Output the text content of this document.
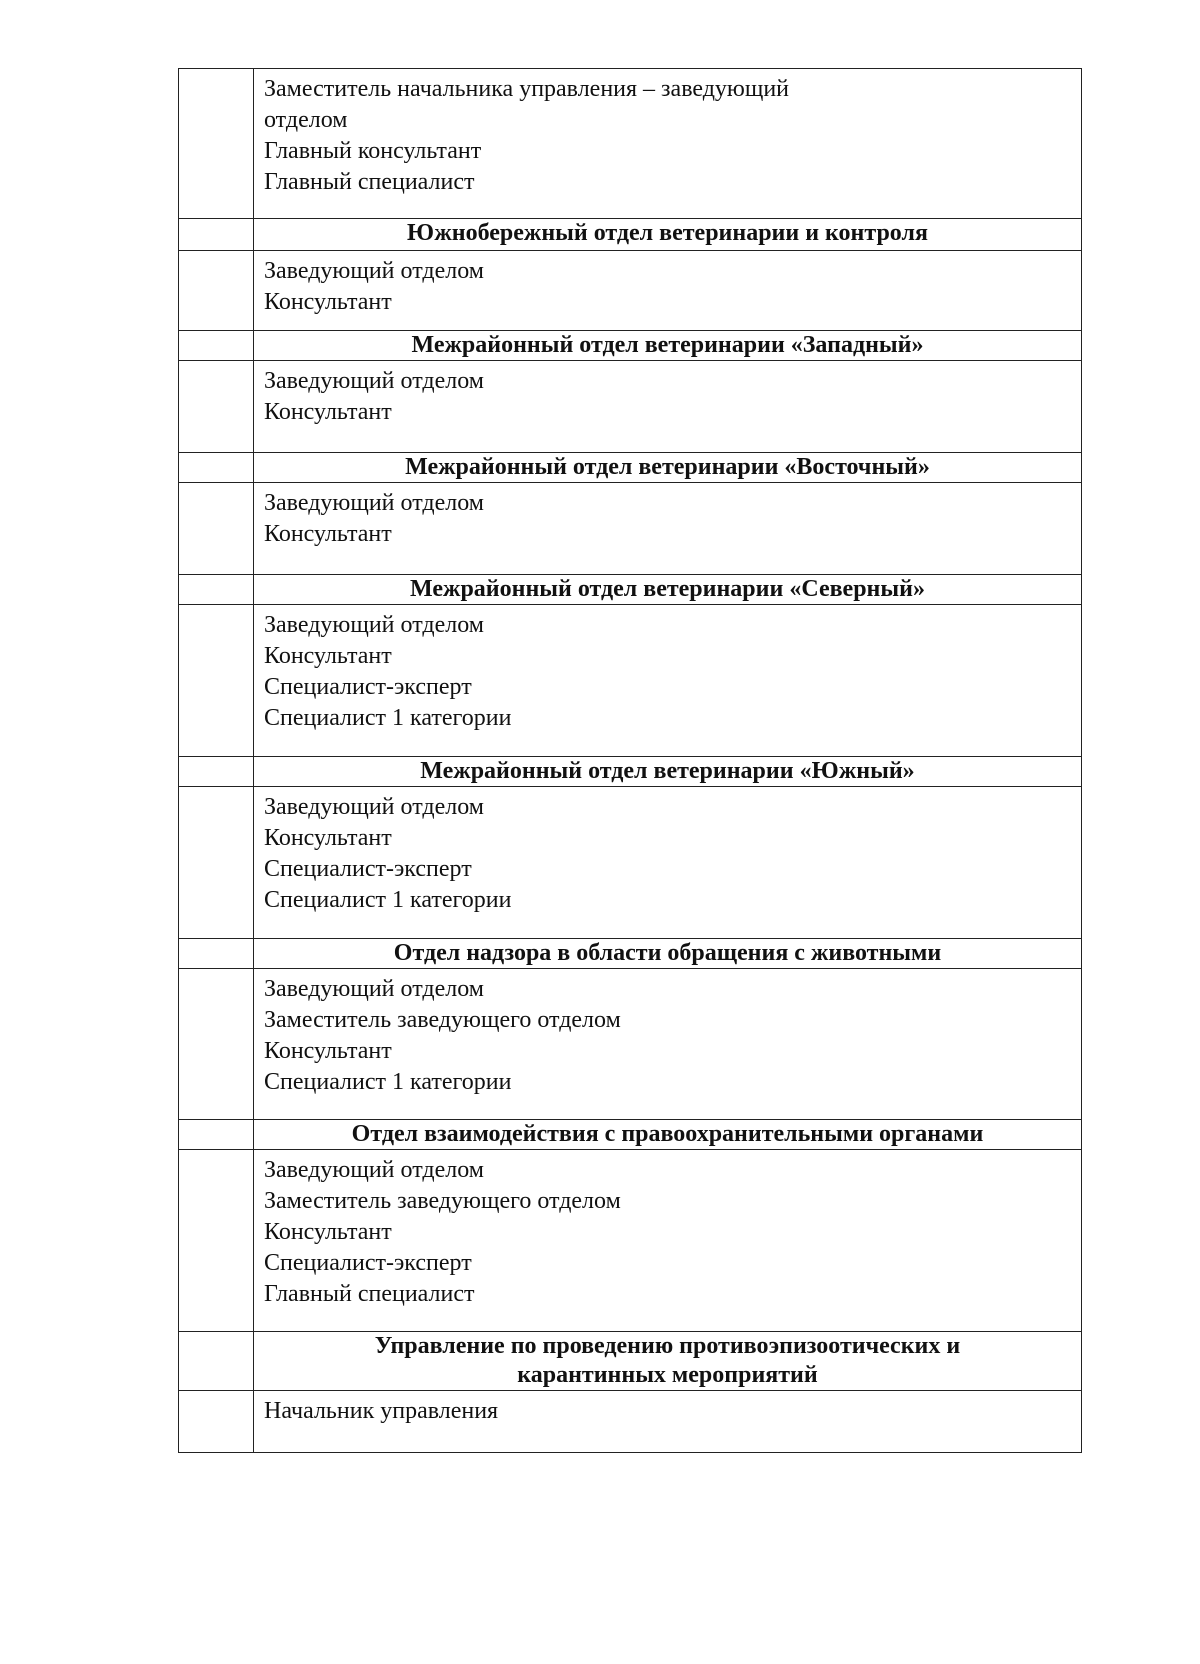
	Заместитель начальника управления – заведующий
отделом
Главный консультант
Главный специалист

	Южнобережный отдел ветеринарии и контроля

	Заведующий отделом
Консультант

	Межрайонный отдел ветеринарии «Западный»

	Заведующий отделом
Консультант

	Межрайонный отдел ветеринарии «Восточный»

	Заведующий отделом
Консультант

	Межрайонный отдел ветеринарии «Северный»

	Заведующий отделом
Консультант
Специалист-эксперт
Специалист 1 категории

	Межрайонный отдел ветеринарии «Южный»

	Заведующий отделом
Консультант
Специалист-эксперт
Специалист 1 категории

	Отдел надзора в области обращения с животными

	Заведующий отделом
Заместитель заведующего отделом
Консультант
Специалист 1 категории

	Отдел взаимодействия с правоохранительными органами

	Заведующий отделом
Заместитель заведующего отделом
Консультант
Специалист-эксперт
Главный специалист

	Управление по проведению противоэпизоотических и
карантинных мероприятий

	Начальник управления
